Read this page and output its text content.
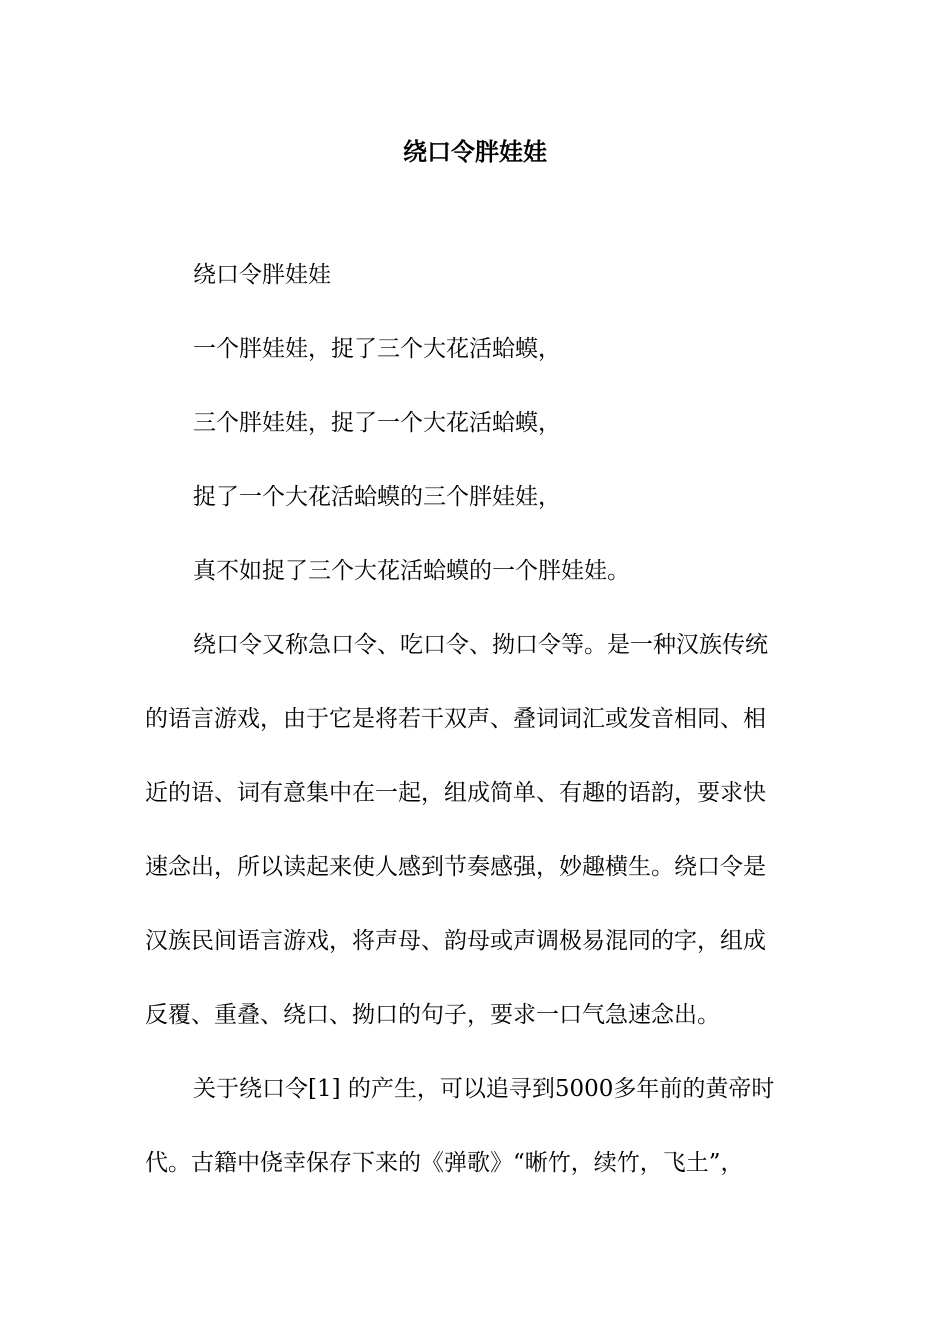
绕口令胖娃娃

绕口令胖娃娃

一个胖娃娃，捉了三个大花活蛤蟆，

三个胖娃娃，捉了一个大花活蛤蟆，

捉了一个大花活蛤蟆的三个胖娃娃，

真不如捉了三个大花活蛤蟆的一个胖娃娃。

绕口令又称急口令、吃口令、拗口令等。是一种汉族传统
的语言游戏，由于它是将若干双声、叠词词汇或发音相同、相
近的语、词有意集中在一起，组成简单、有趣的语韵，要求快
速念出，所以读起来使人感到节奏感强，妙趣横生。绕口令是
汉族民间语言游戏，将声母、韵母或声调极易混同的字，组成
反覆、重叠、绕口、拗口的句子，要求一口气急速念出。
关于绕口令[1] 的产生，可以追寻到5000多年前的黄帝时
代。古籍中侥幸保存下来的《弹歌》“晰竹，续竹，飞土”，
